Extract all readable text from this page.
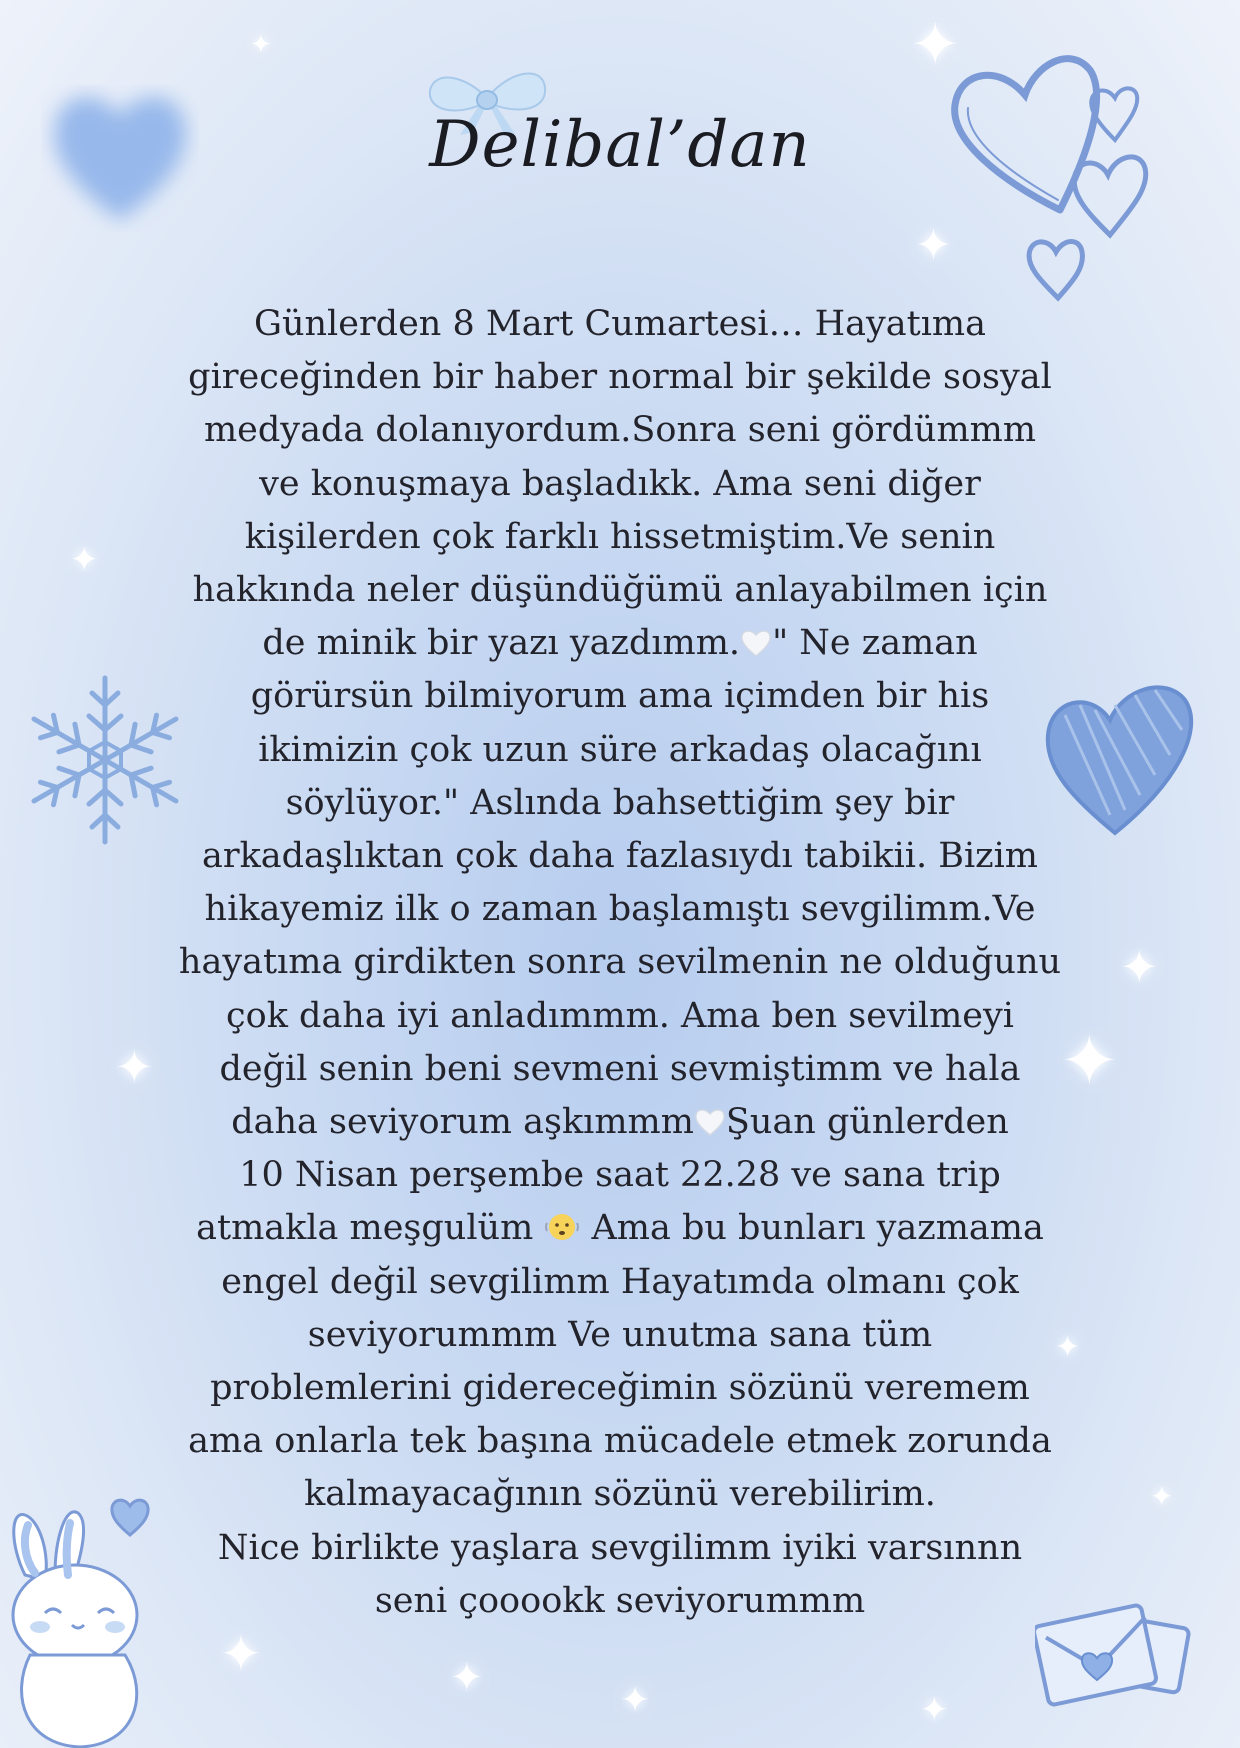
Delibal’dan
✦
✦
✦
✦
✦
✦
✦
✦
✦	✦	✦	✦
✦
Günlerden 8 Mart Cumartesi… Hayatıma
gireceğinden bir haber normal bir şekilde sosyal
medyada dolanıyordum.Sonra seni gördümmm
ve konuşmaya başladıkk. Ama seni diğer
kişilerden çok farklı hissetmiştim.Ve senin
hakkında neler düşündüğümü anlayabilmen için
de minik bir yazı yazdımm. " Ne zaman
görürsün bilmiyorum ama içimden bir his
ikimizin çok uzun süre arkadaş olacağını
söylüyor." Aslında bahsettiğim şey bir
arkadaşlıktan çok daha fazlasıydı tabikii. Bizim
hikayemiz ilk o zaman başlamıştı sevgilimm.Ve
hayatıma girdikten sonra sevilmenin ne olduğunu
çok daha iyi anladımmm. Ama ben sevilmeyi
değil senin beni sevmeni sevmiştimm ve hala
daha seviyorum aşkımmm Şuan günlerden
10 Nisan perşembe saat 22.28 ve sana trip
atmakla meşgulüm  Ama bu bunları yazmama
engel değil sevgilimm Hayatımda olmanı çok
seviyorummm Ve unutma sana tüm
problemlerini gidereceğimin sözünü veremem
ama onlarla tek başına mücadele etmek zorunda
kalmayacağının sözünü verebilirim.
Nice birlikte yaşlara sevgilimm iyiki varsınnn
seni çooookk seviyorummm
